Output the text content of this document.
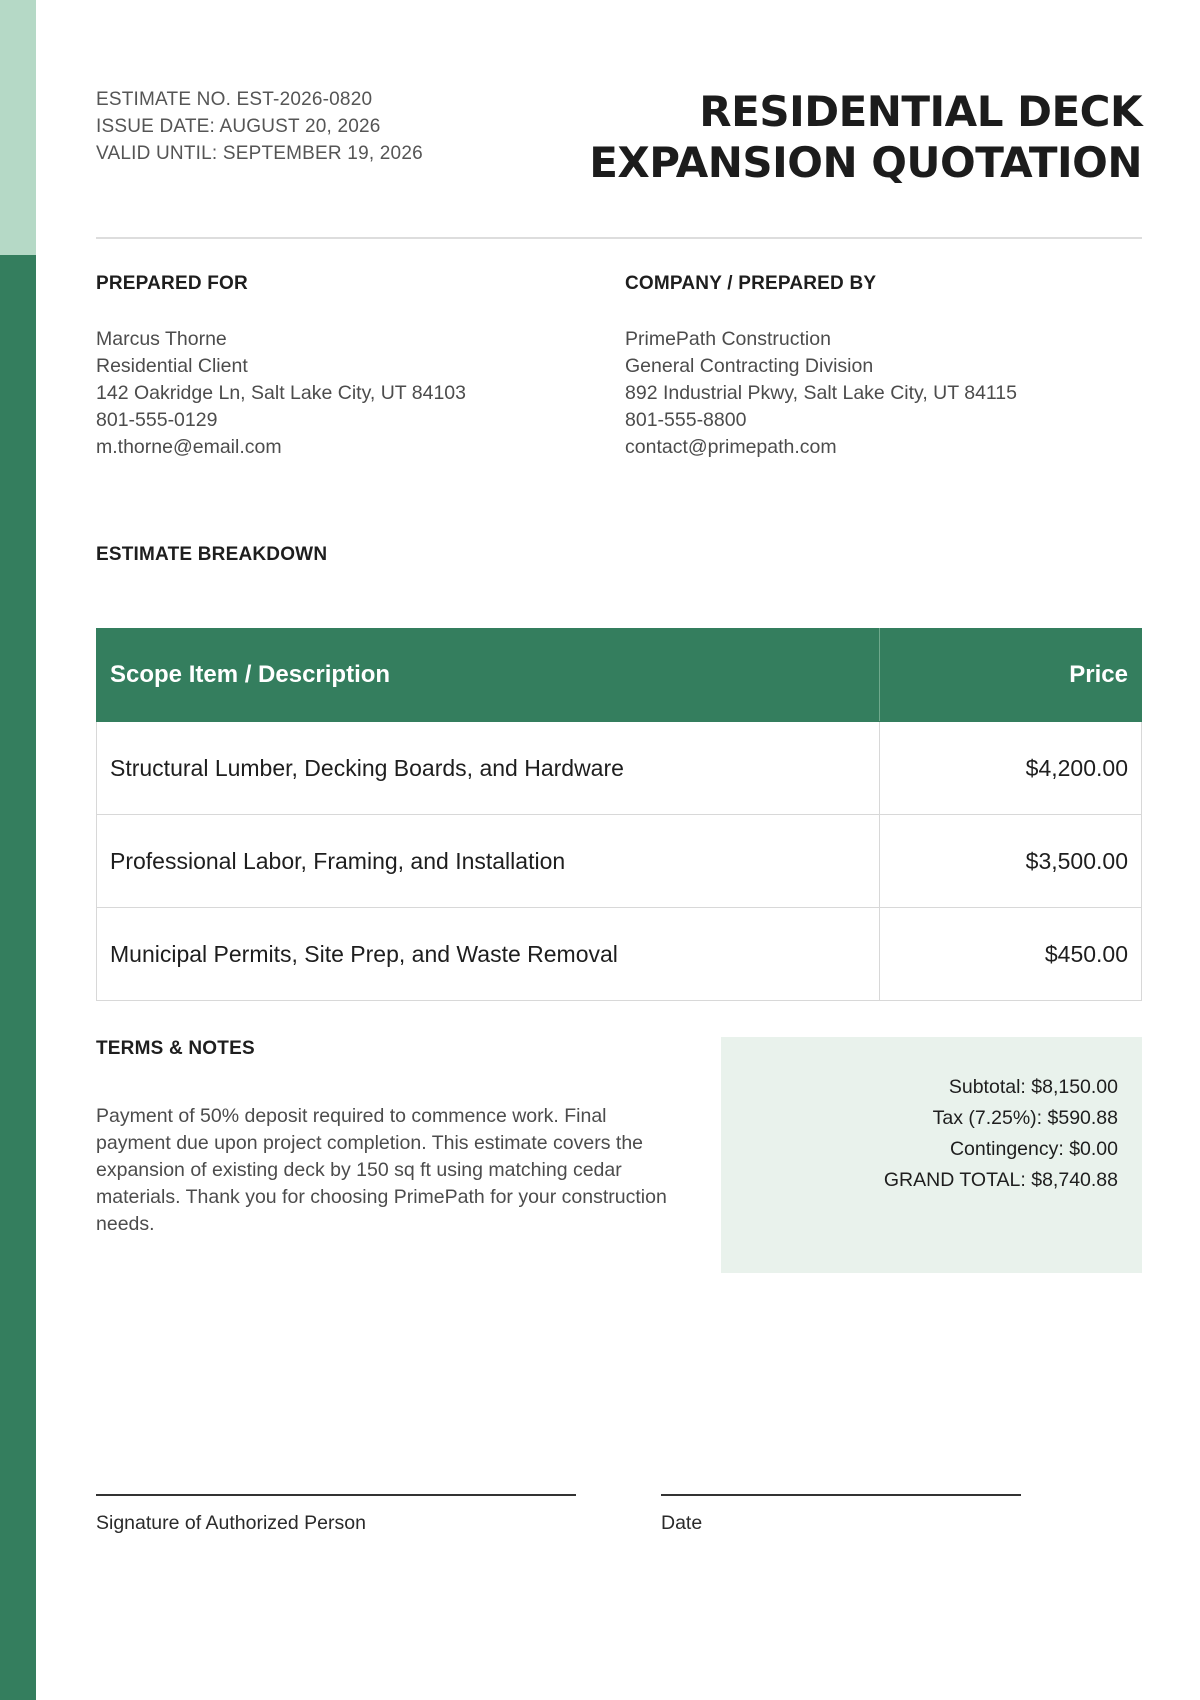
ESTIMATE NO. EST-2026-0820
ISSUE DATE: AUGUST 20, 2026
VALID UNTIL: SEPTEMBER 19, 2026
RESIDENTIAL DECK
EXPANSION QUOTATION
PREPARED FOR
Marcus Thorne
Residential Client
142 Oakridge Ln, Salt Lake City, UT 84103
801-555-0129
m.thorne@email.com
COMPANY / PREPARED BY
PrimePath Construction
General Contracting Division
892 Industrial Pkwy, Salt Lake City, UT 84115
801-555-8800
contact@primepath.com
ESTIMATE BREAKDOWN
Scope Item / Description	Price
Structural Lumber, Decking Boards, and Hardware	$4,200.00
Professional Labor, Framing, and Installation	$3,500.00
Municipal Permits, Site Prep, and Waste Removal	$450.00
TERMS & NOTES
Payment of 50% deposit required to commence work. Final payment due upon project completion. This estimate covers the expansion of existing deck by 150 sq ft using matching cedar materials. Thank you for choosing PrimePath for your construction needs.
Subtotal: $8,150.00
Tax (7.25%): $590.88
Contingency: $0.00
GRAND TOTAL: $8,740.88
Signature of Authorized Person	Date
